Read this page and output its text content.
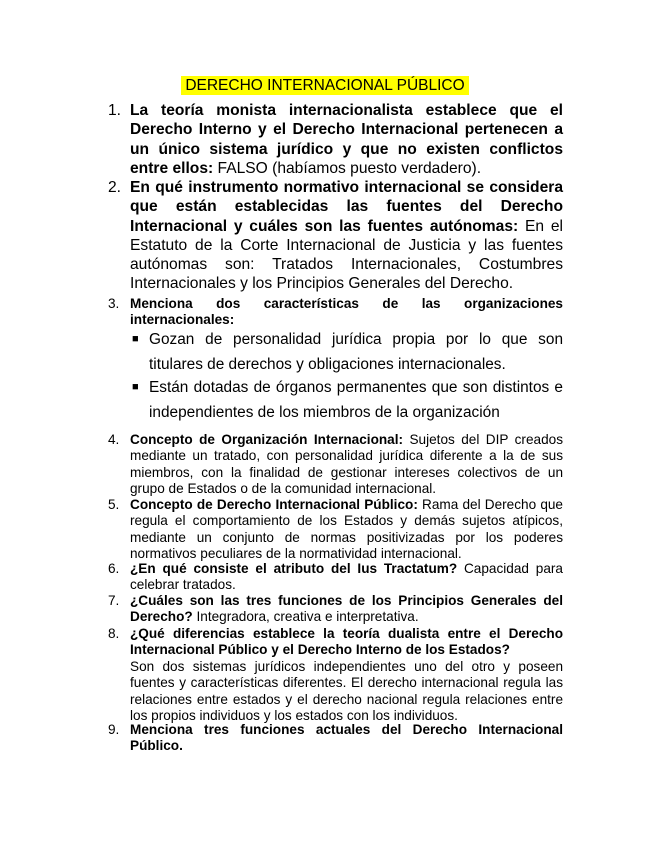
DERECHO INTERNACIONAL PÚBLICO
1. La teoría monista internacionalista establece que el Derecho Interno y el Derecho Internacional pertenecen a un único sistema jurídico y que no existen conflictos entre ellos: FALSO (habíamos puesto verdadero).
2. En qué instrumento normativo internacional se considera que están establecidas las fuentes del Derecho Internacional y cuáles son las fuentes autónomas: En el Estatuto de la Corte Internacional de Justicia y las fuentes autónomas son: Tratados Internacionales, Costumbres Internacionales y los Principios Generales del Derecho.
3. Menciona dos características de las organizaciones internacionales:
■ Gozan de personalidad jurídica propia por lo que son titulares de derechos y obligaciones internacionales.
■ Están dotadas de órganos permanentes que son distintos e independientes de los miembros de la organización
4. Concepto de Organización Internacional: Sujetos del DIP creados mediante un tratado, con personalidad jurídica diferente a la de sus miembros, con la finalidad de gestionar intereses colectivos de un grupo de Estados o de la comunidad internacional.
5. Concepto de Derecho Internacional Público: Rama del Derecho que regula el comportamiento de los Estados y demás sujetos atípicos, mediante un conjunto de normas positivizadas por los poderes normativos peculiares de la normatividad internacional.
6. ¿En qué consiste el atributo del Ius Tractatum? Capacidad para celebrar tratados.
7. ¿Cuáles son las tres funciones de los Principios Generales del Derecho? Integradora, creativa e interpretativa.
8. ¿Qué diferencias establece la teoría dualista entre el Derecho Internacional Público y el Derecho Interno de los Estados?
Son dos sistemas jurídicos independientes uno del otro y poseen fuentes y características diferentes. El derecho internacional regula las relaciones entre estados y el derecho nacional regula relaciones entre los propios individuos y los estados con los individuos.
9. Menciona tres funciones actuales del Derecho Internacional Público.
